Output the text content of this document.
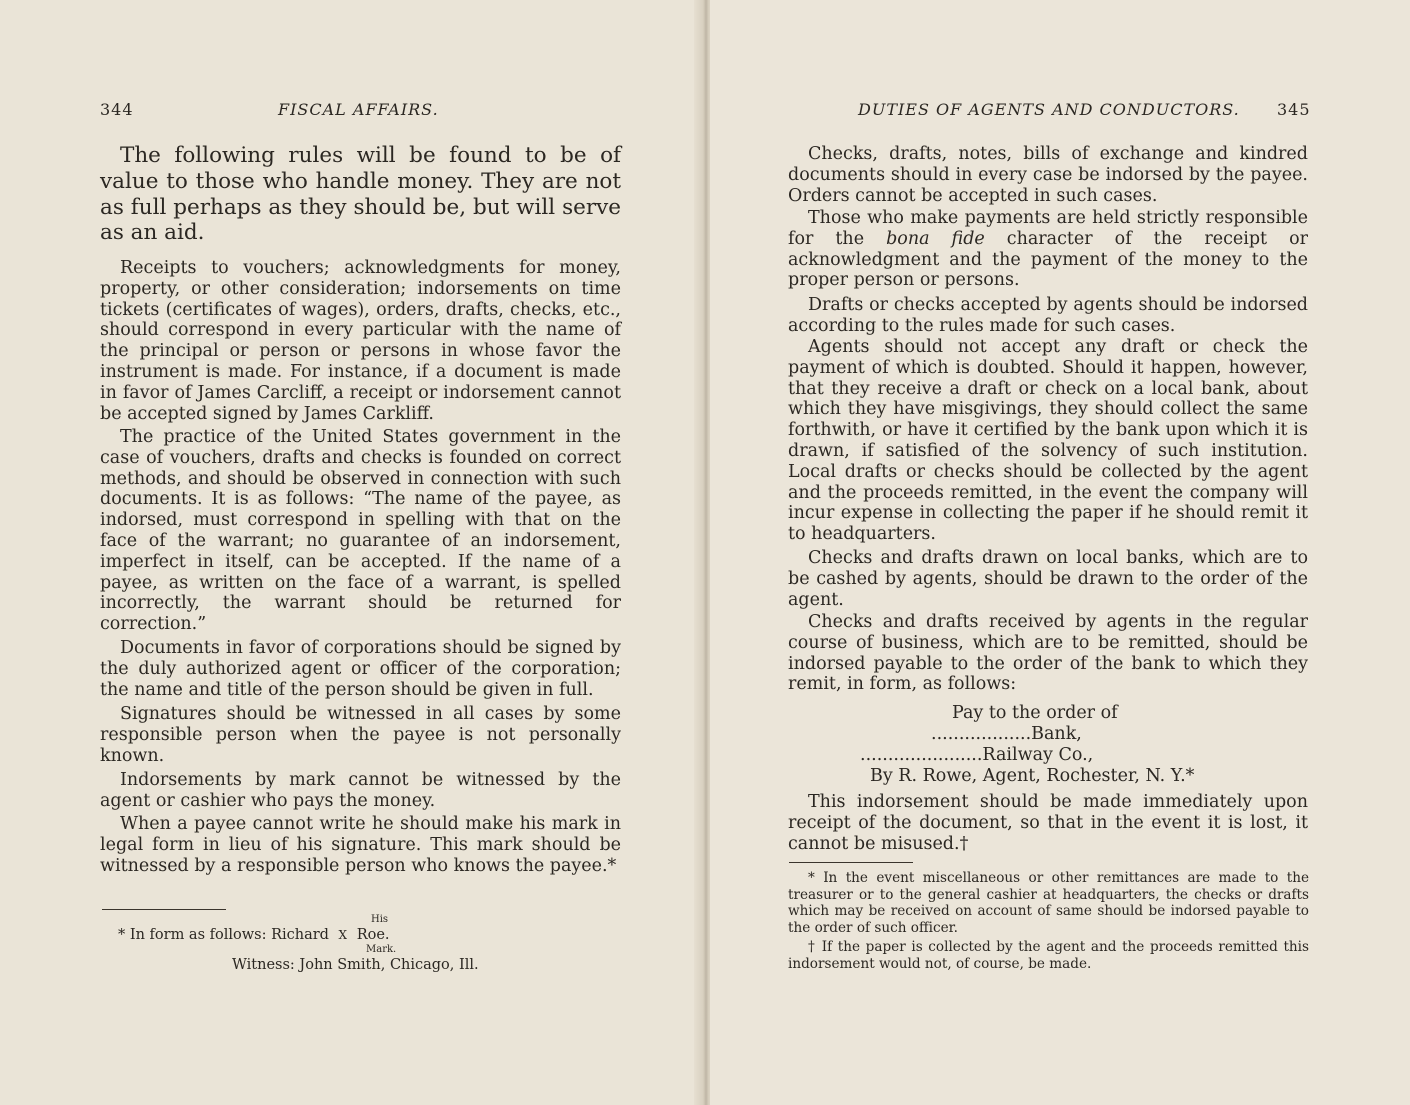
344	FISCAL AFFAIRS.

The following rules will be found to be of value to those who handle money. They are not as full perhaps as they should be, but will serve as an aid.

Receipts to vouchers; acknowledgments for money, property, or other consideration; indorsements on time tickets (certificates of wages), orders, drafts, checks, etc., should correspond in every particular with the name of the principal or person or persons in whose favor the instrument is made. For instance, if a document is made in favor of James Carcliff, a receipt or indorsement cannot be accepted signed by James Carkliff.

The practice of the United States government in the case of vouchers, drafts and checks is founded on correct methods, and should be observed in connection with such documents. It is as follows: “The name of the payee, as indorsed, must correspond in spelling with that on the face of the warrant; no guarantee of an indorsement, imperfect in itself, can be accepted. If the name of a payee, as written on the face of a warrant, is spelled incorrectly, the warrant should be returned for correction.”

Documents in favor of corporations should be signed by the duly authorized agent or officer of the corporation; the name and title of the person should be given in full.

Signatures should be witnessed in all cases by some responsible person when the payee is not personally known.

Indorsements by mark cannot be witnessed by the agent or cashier who pays the money.

When a payee cannot write he should make his mark in legal form in lieu of his signature. This mark should be witnessed by a responsible person who knows the payee.*

His
* In form as follows: Richard X Roe.
Mark.
Witness: John Smith, Chicago, Ill.
DUTIES OF AGENTS AND CONDUCTORS. 345

Checks, drafts, notes, bills of exchange and kindred documents should in every case be indorsed by the payee. Orders cannot be accepted in such cases.

Those who make payments are held strictly responsible for the bona fide character of the receipt or acknowledgment and the payment of the money to the proper person or persons.

Drafts or checks accepted by agents should be indorsed according to the rules made for such cases.

Agents should not accept any draft or check the payment of which is doubted. Should it happen, however, that they receive a draft or check on a local bank, about which they have misgivings, they should collect the same forthwith, or have it certified by the bank upon which it is drawn, if satisfied of the solvency of such institution. Local drafts or checks should be collected by the agent and the proceeds remitted, in the event the company will incur expense in collecting the paper if he should remit it to headquarters.

Checks and drafts drawn on local banks, which are to be cashed by agents, should be drawn to the order of the agent.

Checks and drafts received by agents in the regular course of business, which are to be remitted, should be indorsed payable to the order of the bank to which they remit, in form, as follows:

Pay to the order of
..................Bank,
......................Railway Co.,
By R. Rowe, Agent, Rochester, N. Y.*

This indorsement should be made immediately upon receipt of the document, so that in the event it is lost, it cannot be misused.†

* In the event miscellaneous or other remittances are made to the treasurer or to the general cashier at headquarters, the checks or drafts which may be received on account of same should be indorsed payable to the order of such officer.

† If the paper is collected by the agent and the proceeds remitted this indorsement would not, of course, be made.
